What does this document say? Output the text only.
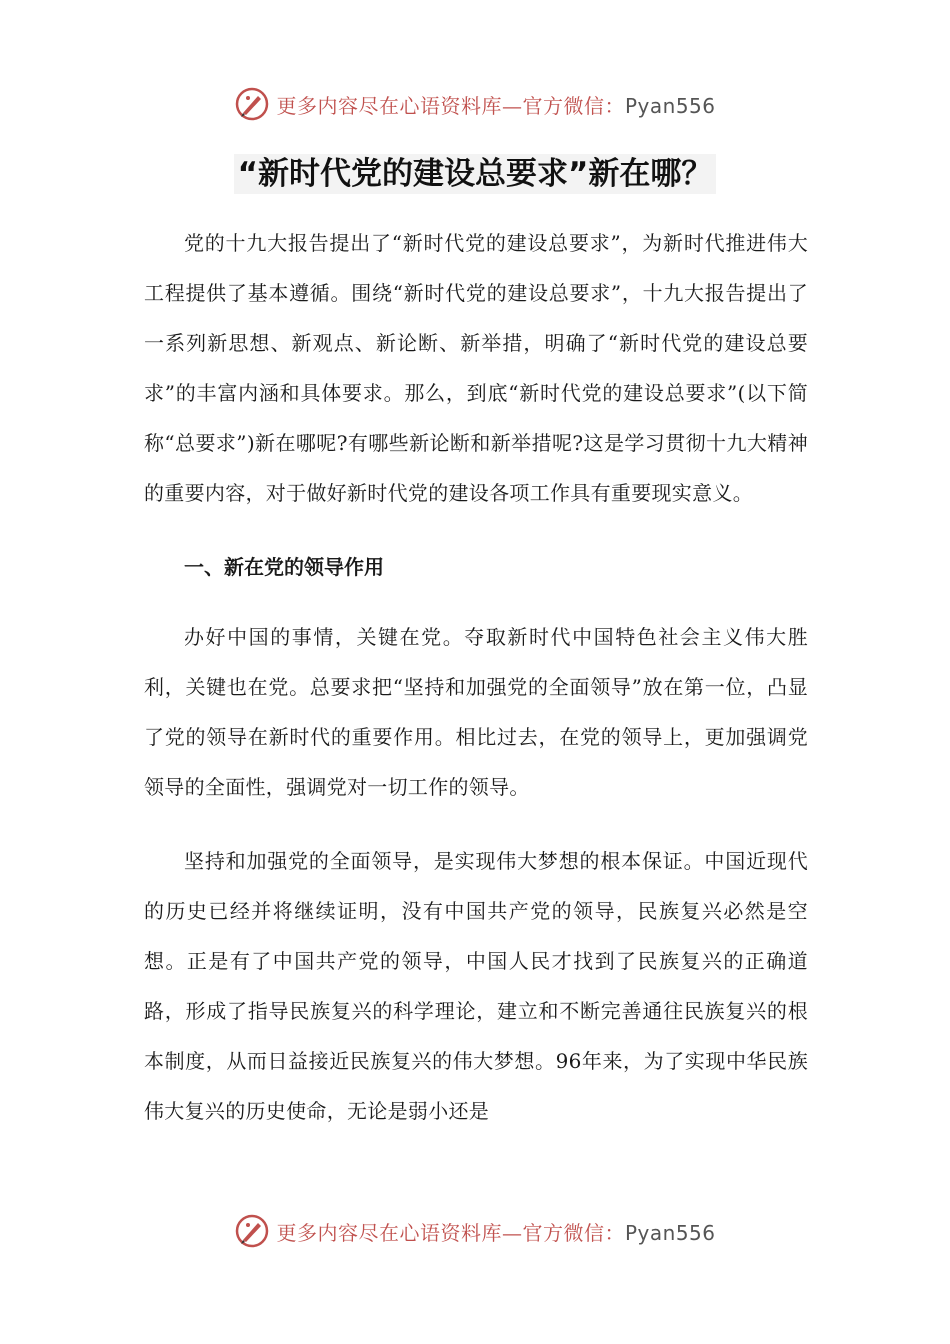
更多内容尽在心语资料库—官方微信：Pyan556
“新时代党的建设总要求”新在哪？

党的十九大报告提出了“新时代党的建设总要求”，为新时代推进伟大工程提供了基本遵循。围绕“新时代党的建设总要求”，十九大报告提出了一系列新思想、新观点、新论断、新举措，明确了“新时代党的建设总要求”的丰富内涵和具体要求。那么，到底“新时代党的建设总要求”(以下简称“总要求”)新在哪呢?有哪些新论断和新举措呢?这是学习贯彻十九大精神的重要内容，对于做好新时代党的建设各项工作具有重要现实意义。

一、新在党的领导作用

办好中国的事情，关键在党。夺取新时代中国特色社会主义伟大胜利，关键也在党。总要求把“坚持和加强党的全面领导”放在第一位，凸显了党的领导在新时代的重要作用。相比过去，在党的领导上，更加强调党领导的全面性，强调党对一切工作的领导。

坚持和加强党的全面领导，是实现伟大梦想的根本保证。中国近现代的历史已经并将继续证明，没有中国共产党的领导，民族复兴必然是空想。正是有了中国共产党的领导，中国人民才找到了民族复兴的正确道路，形成了指导民族复兴的科学理论，建立和不断完善通往民族复兴的根本制度，从而日益接近民族复兴的伟大梦想。96年来，为了实现中华民族伟大复兴的历史使命，无论是弱小还是

更多内容尽在心语资料库—官方微信：Pyan556
